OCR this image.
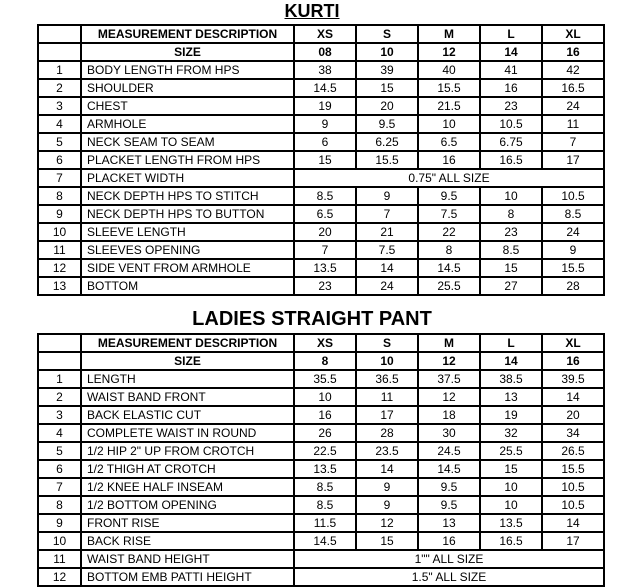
KURTI
	MEASUREMENT DESCRIPTION	XS	S	M	L	XL
	SIZE	08	10	12	14	16
1	BODY LENGTH FROM HPS	38	39	40	41	42
2	SHOULDER	14.5	15	15.5	16	16.5
3	CHEST	19	20	21.5	23	24
4	ARMHOLE	9	9.5	10	10.5	11
5	NECK SEAM TO SEAM	6	6.25	6.5	6.75	7
6	PLACKET LENGTH FROM HPS	15	15.5	16	16.5	17
7	PLACKET WIDTH	0.75" ALL SIZE				
8	NECK DEPTH HPS TO STITCH	8.5	9	9.5	10	10.5
9	NECK DEPTH HPS TO BUTTON	6.5	7	7.5	8	8.5
10	SLEEVE LENGTH	20	21	22	23	24
11	SLEEVES OPENING	7	7.5	8	8.5	9
12	SIDE VENT FROM ARMHOLE	13.5	14	14.5	15	15.5
13	BOTTOM	23	24	25.5	27	28
LADIES STRAIGHT PANT
	MEASUREMENT DESCRIPTION	XS	S	M	L	XL
	SIZE	8	10	12	14	16
1	LENGTH	35.5	36.5	37.5	38.5	39.5
2	WAIST BAND FRONT	10	11	12	13	14
3	BACK ELASTIC CUT	16	17	18	19	20
4	COMPLETE WAIST IN ROUND	26	28	30	32	34
5	1/2 HIP 2" UP FROM CROTCH	22.5	23.5	24.5	25.5	26.5
6	1/2 THIGH AT CROTCH	13.5	14	14.5	15	15.5
7	1/2 KNEE HALF INSEAM	8.5	9	9.5	10	10.5
8	1/2 BOTTOM OPENING	8.5	9	9.5	10	10.5
9	FRONT RISE	11.5	12	13	13.5	14
10	BACK RISE	14.5	15	16	16.5	17
11	WAIST BAND HEIGHT	1"" ALL SIZE				
12	BOTTOM EMB PATTI HEIGHT	1.5" ALL SIZE				
